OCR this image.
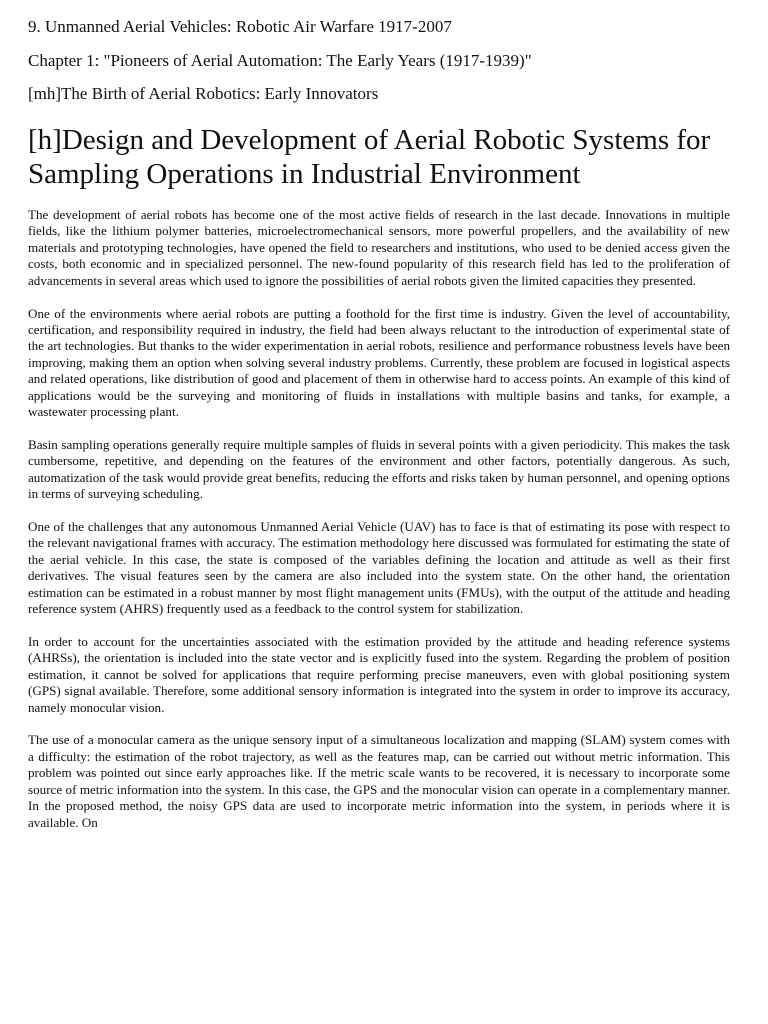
9. Unmanned Aerial Vehicles: Robotic Air Warfare 1917-2007
Chapter 1: "Pioneers of Aerial Automation: The Early Years (1917-1939)"
[mh]The Birth of Aerial Robotics: Early Innovators
[h]Design and Development of Aerial Robotic Systems for Sampling Operations in Industrial Environment

The development of aerial robots has become one of the most active fields of research in the last decade. Innovations in multiple fields, like the lithium polymer batteries, microelectromechanical sensors, more powerful propellers, and the availability of new materials and prototyping technologies, have opened the field to researchers and institutions, who used to be denied access given the costs, both economic and in specialized personnel. The new-found popularity of this research field has led to the proliferation of advancements in several areas which used to ignore the possibilities of aerial robots given the limited capacities they presented.

One of the environments where aerial robots are putting a foothold for the first time is industry. Given the level of accountability, certification, and responsibility required in industry, the field had been always reluctant to the introduction of experimental state of the art technologies. But thanks to the wider experimentation in aerial robots, resilience and performance robustness levels have been improving, making them an option when solving several industry problems. Currently, these problem are focused in logistical aspects and related operations, like distribution of good and placement of them in otherwise hard to access points. An example of this kind of applications would be the surveying and monitoring of fluids in installations with multiple basins and tanks, for example, a wastewater processing plant.

Basin sampling operations generally require multiple samples of fluids in several points with a given periodicity. This makes the task cumbersome, repetitive, and depending on the features of the environment and other factors, potentially dangerous. As such, automatization of the task would provide great benefits, reducing the efforts and risks taken by human personnel, and opening options in terms of surveying scheduling.

One of the challenges that any autonomous Unmanned Aerial Vehicle (UAV) has to face is that of estimating its pose with respect to the relevant navigational frames with accuracy. The estimation methodology here discussed was formulated for estimating the state of the aerial vehicle. In this case, the state is composed of the variables defining the location and attitude as well as their first derivatives. The visual features seen by the camera are also included into the system state. On the other hand, the orientation estimation can be estimated in a robust manner by most flight management units (FMUs), with the output of the attitude and heading reference system (AHRS) frequently used as a feedback to the control system for stabilization.

In order to account for the uncertainties associated with the estimation provided by the attitude and heading reference systems (AHRSs), the orientation is included into the state vector and is explicitly fused into the system. Regarding the problem of position estimation, it cannot be solved for applications that require performing precise maneuvers, even with global positioning system (GPS) signal available. Therefore, some additional sensory information is integrated into the system in order to improve its accuracy, namely monocular vision.

The use of a monocular camera as the unique sensory input of a simultaneous localization and mapping (SLAM) system comes with a difficulty: the estimation of the robot trajectory, as well as the features map, can be carried out without metric information. This problem was pointed out since early approaches like. If the metric scale wants to be recovered, it is necessary to incorporate some source of metric information into the system. In this case, the GPS and the monocular vision can operate in a complementary manner. In the proposed method, the noisy GPS data are used to incorporate metric information into the system, in periods where it is available. On
